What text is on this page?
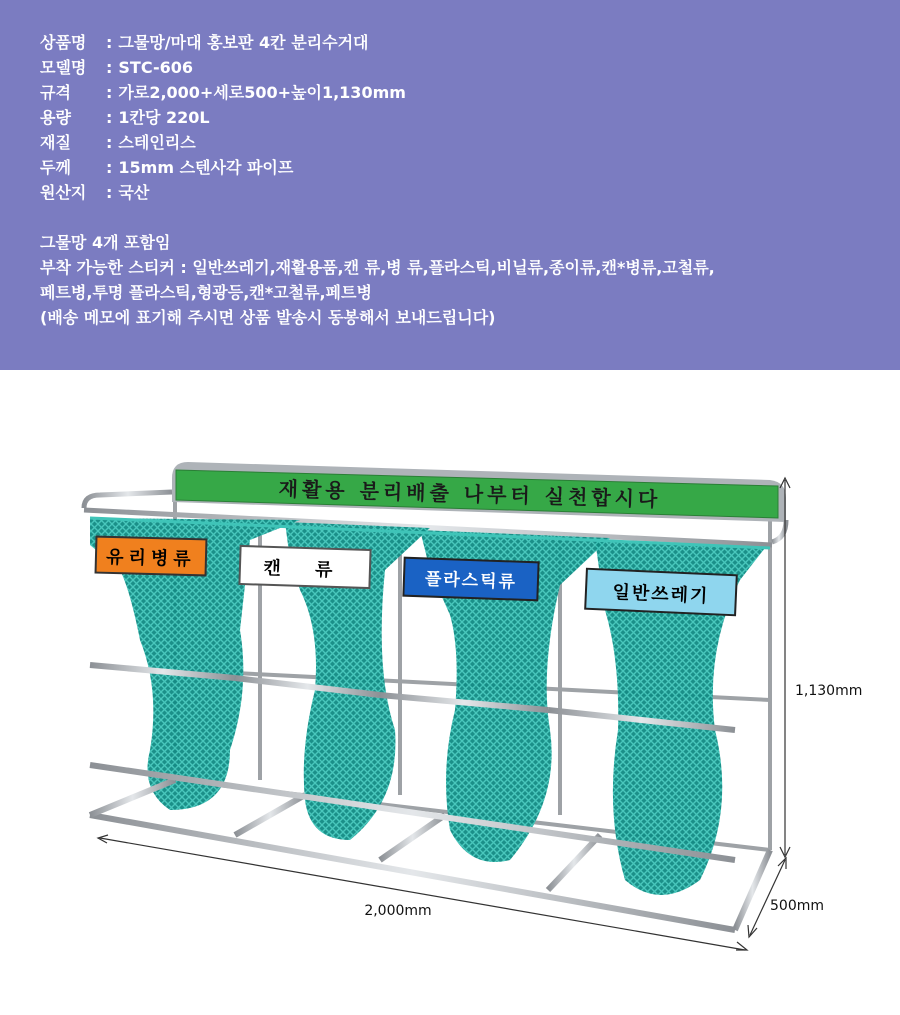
상품명 : 그물망/마대 홍보판 4칸 분리수거대
모델명 : STC-606
규격 : 가로2,000+세로500+높이1,130mm
용량 : 1칸당 220L
재질 : 스테인리스
두께 : 15mm 스텐사각 파이프
원산지 : 국산
그물망 4개 포함임
부착 가능한 스티커 : 일반쓰레기,재활용품,캔 류,병 류,플라스틱,비닐류,종이류,캔*병류,고철류,
페트병,투명 플라스틱,형광등,캔*고철류,페트병
(배송 메모에 표기해 주시면 상품 발송시 동봉해서 보내드립니다)
재활용 분리배출 나부터 실천합시다
유리병류	캔 류	플라스틱류
일반쓰레기
1,130mm
2,000mm	500mm
